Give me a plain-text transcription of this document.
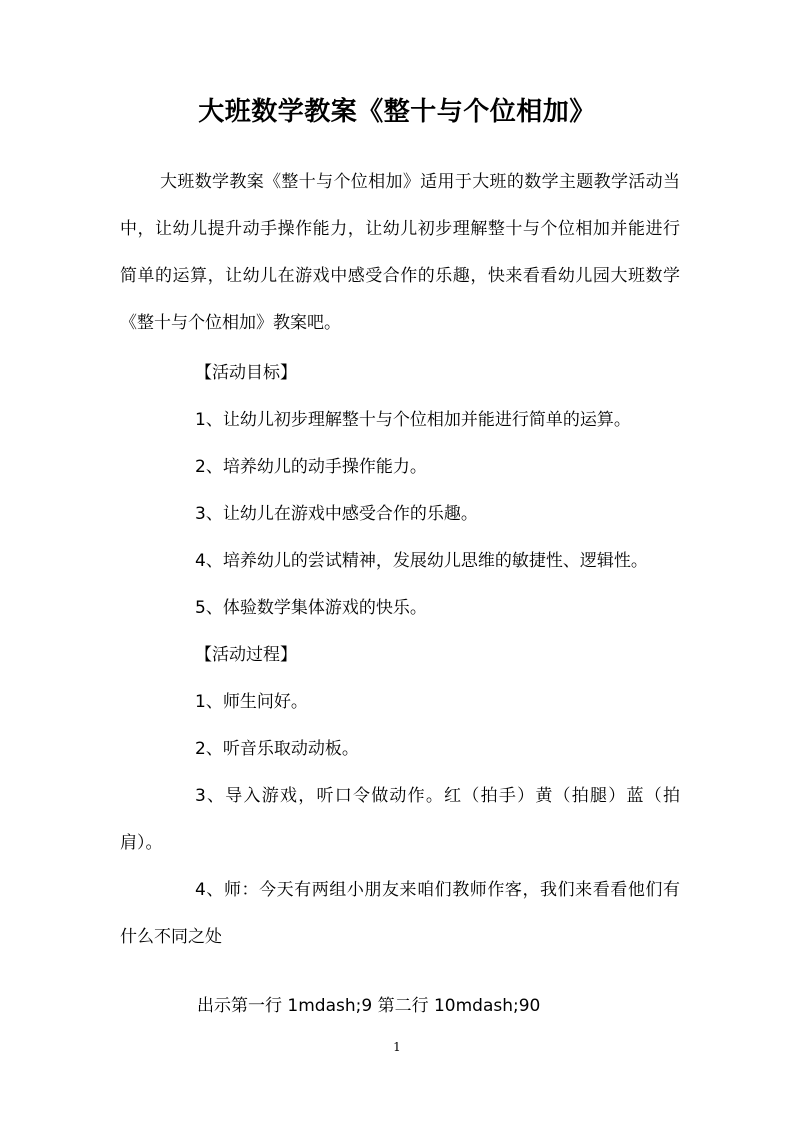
大班数学教案《整十与个位相加》

大班数学教案《整十与个位相加》适用于大班的数学主题教学活动当中，让幼儿提升动手操作能力，让幼儿初步理解整十与个位相加并能进行简单的运算，让幼儿在游戏中感受合作的乐趣，快来看看幼儿园大班数学《整十与个位相加》教案吧。

【活动目标】

1、让幼儿初步理解整十与个位相加并能进行简单的运算。

2、培养幼儿的动手操作能力。

3、让幼儿在游戏中感受合作的乐趣。

4、培养幼儿的尝试精神，发展幼儿思维的敏捷性、逻辑性。

5、体验数学集体游戏的快乐。

【活动过程】

1、师生问好。

2、听音乐取动动板。

3、导入游戏，听口令做动作。红（拍手）黄（拍腿）蓝（拍肩）。

4、师：今天有两组小朋友来咱们教师作客，我们来看看他们有什么不同之处

出示第一行 1mdash;9 第二行 10mdash;90

1
